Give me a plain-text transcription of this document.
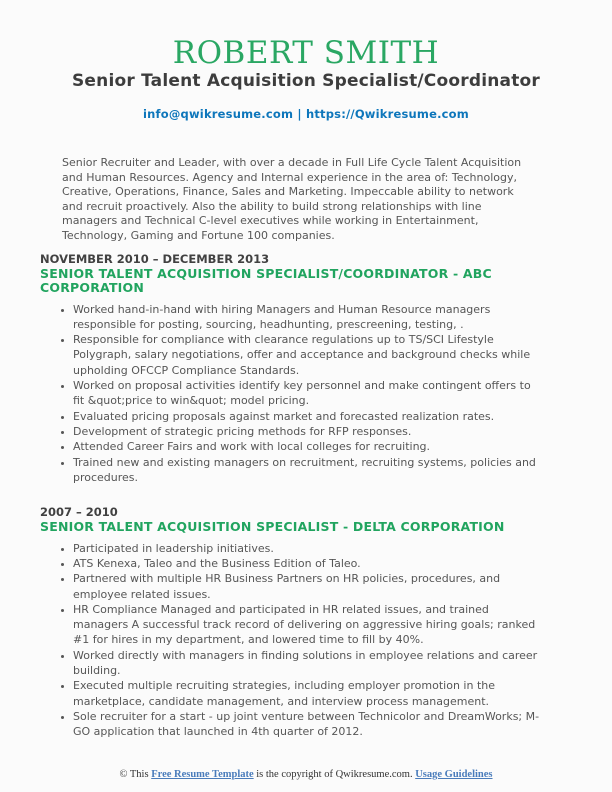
ROBERT SMITH
Senior Talent Acquisition Specialist/Coordinator
info@qwikresume.com | https://Qwikresume.com

Senior Recruiter and Leader, with over a decade in Full Life Cycle Talent Acquisition and Human Resources. Agency and Internal experience in the area of: Technology, Creative, Operations, Finance, Sales and Marketing. Impeccable ability to network and recruit proactively. Also the ability to build strong relationships with line managers and Technical C-level executives while working in Entertainment, Technology, Gaming and Fortune 100 companies.

NOVEMBER 2010 – DECEMBER 2013
SENIOR TALENT ACQUISITION SPECIALIST/COORDINATOR - ABC CORPORATION
• Worked hand-in-hand with hiring Managers and Human Resource managers responsible for posting, sourcing, headhunting, prescreening, testing, .
• Responsible for compliance with clearance regulations up to TS/SCI Lifestyle Polygraph, salary negotiations, offer and acceptance and background checks while upholding OFCCP Compliance Standards.
• Worked on proposal activities identify key personnel and make contingent offers to fit &quot;price to win&quot; model pricing.
• Evaluated pricing proposals against market and forecasted realization rates.
• Development of strategic pricing methods for RFP responses.
• Attended Career Fairs and work with local colleges for recruiting.
• Trained new and existing managers on recruitment, recruiting systems, policies and procedures.
2007 – 2010
SENIOR TALENT ACQUISITION SPECIALIST - DELTA CORPORATION
• Participated in leadership initiatives.
• ATS Kenexa, Taleo and the Business Edition of Taleo.
• Partnered with multiple HR Business Partners on HR policies, procedures, and employee related issues.
• HR Compliance Managed and participated in HR related issues, and trained managers A successful track record of delivering on aggressive hiring goals; ranked #1 for hires in my department, and lowered time to fill by 40%.
• Worked directly with managers in finding solutions in employee relations and career building.
• Executed multiple recruiting strategies, including employer promotion in the marketplace, candidate management, and interview process management.
• Sole recruiter for a start - up joint venture between Technicolor and DreamWorks; M-GO application that launched in 4th quarter of 2012.
© This Free Resume Template is the copyright of Qwikresume.com. Usage Guidelines
